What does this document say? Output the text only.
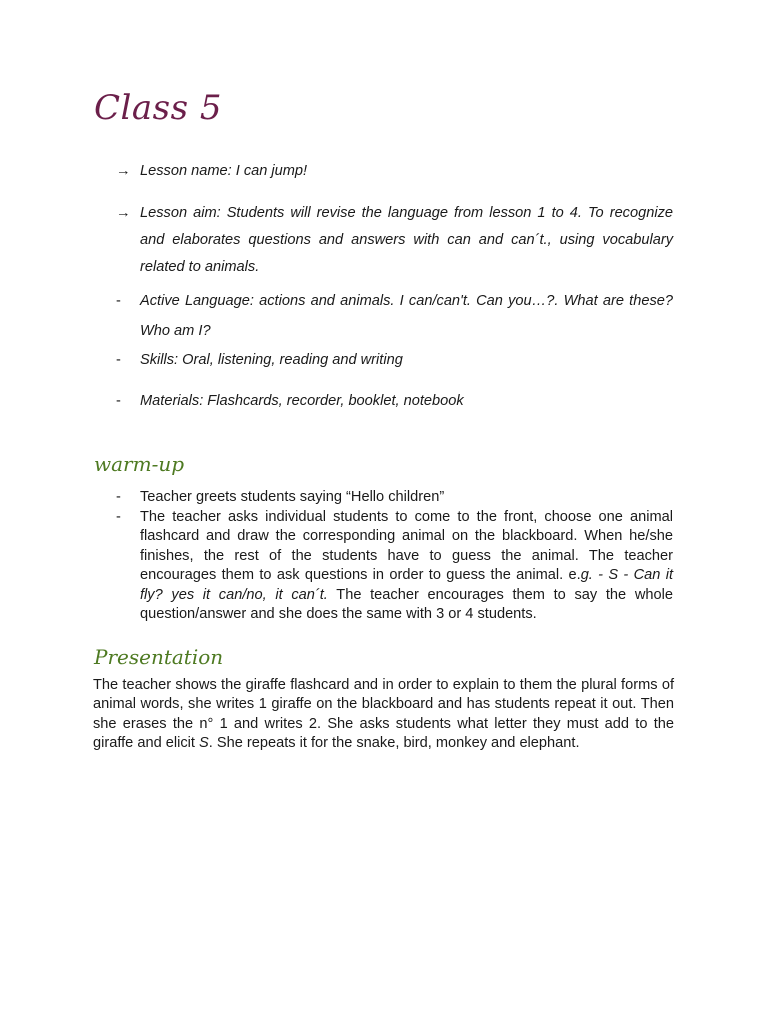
Class 5
→ Lesson name: I can jump!
→ Lesson aim: Students will revise the language from lesson 1 to 4. To recognize and elaborates questions and answers with can and can´t., using vocabulary related to animals.
- Active Language: actions and animals. I can/can't. Can you…?. What are these? Who am I?
- Skills: Oral, listening, reading and writing
- Materials: Flashcards, recorder, booklet, notebook
warm-up
- Teacher greets students saying “Hello children”
- The teacher asks individual students to come to the front, choose one animal flashcard and draw the corresponding animal on the blackboard. When he/she finishes, the rest of the students have to guess the animal. The teacher encourages them to ask questions in order to guess the animal. e.g. - S - Can it fly? yes it can/no, it can´t. The teacher encourages them to say the whole question/answer and she does the same with 3 or 4 students.
Presentation

The teacher shows the giraffe flashcard and in order to explain to them the plural forms of animal words, she writes 1 giraffe on the blackboard and has students repeat it out. Then she erases the n° 1 and writes 2. She asks students what letter they must add to the giraffe and elicit S. She repeats it for the snake, bird, monkey and elephant.
